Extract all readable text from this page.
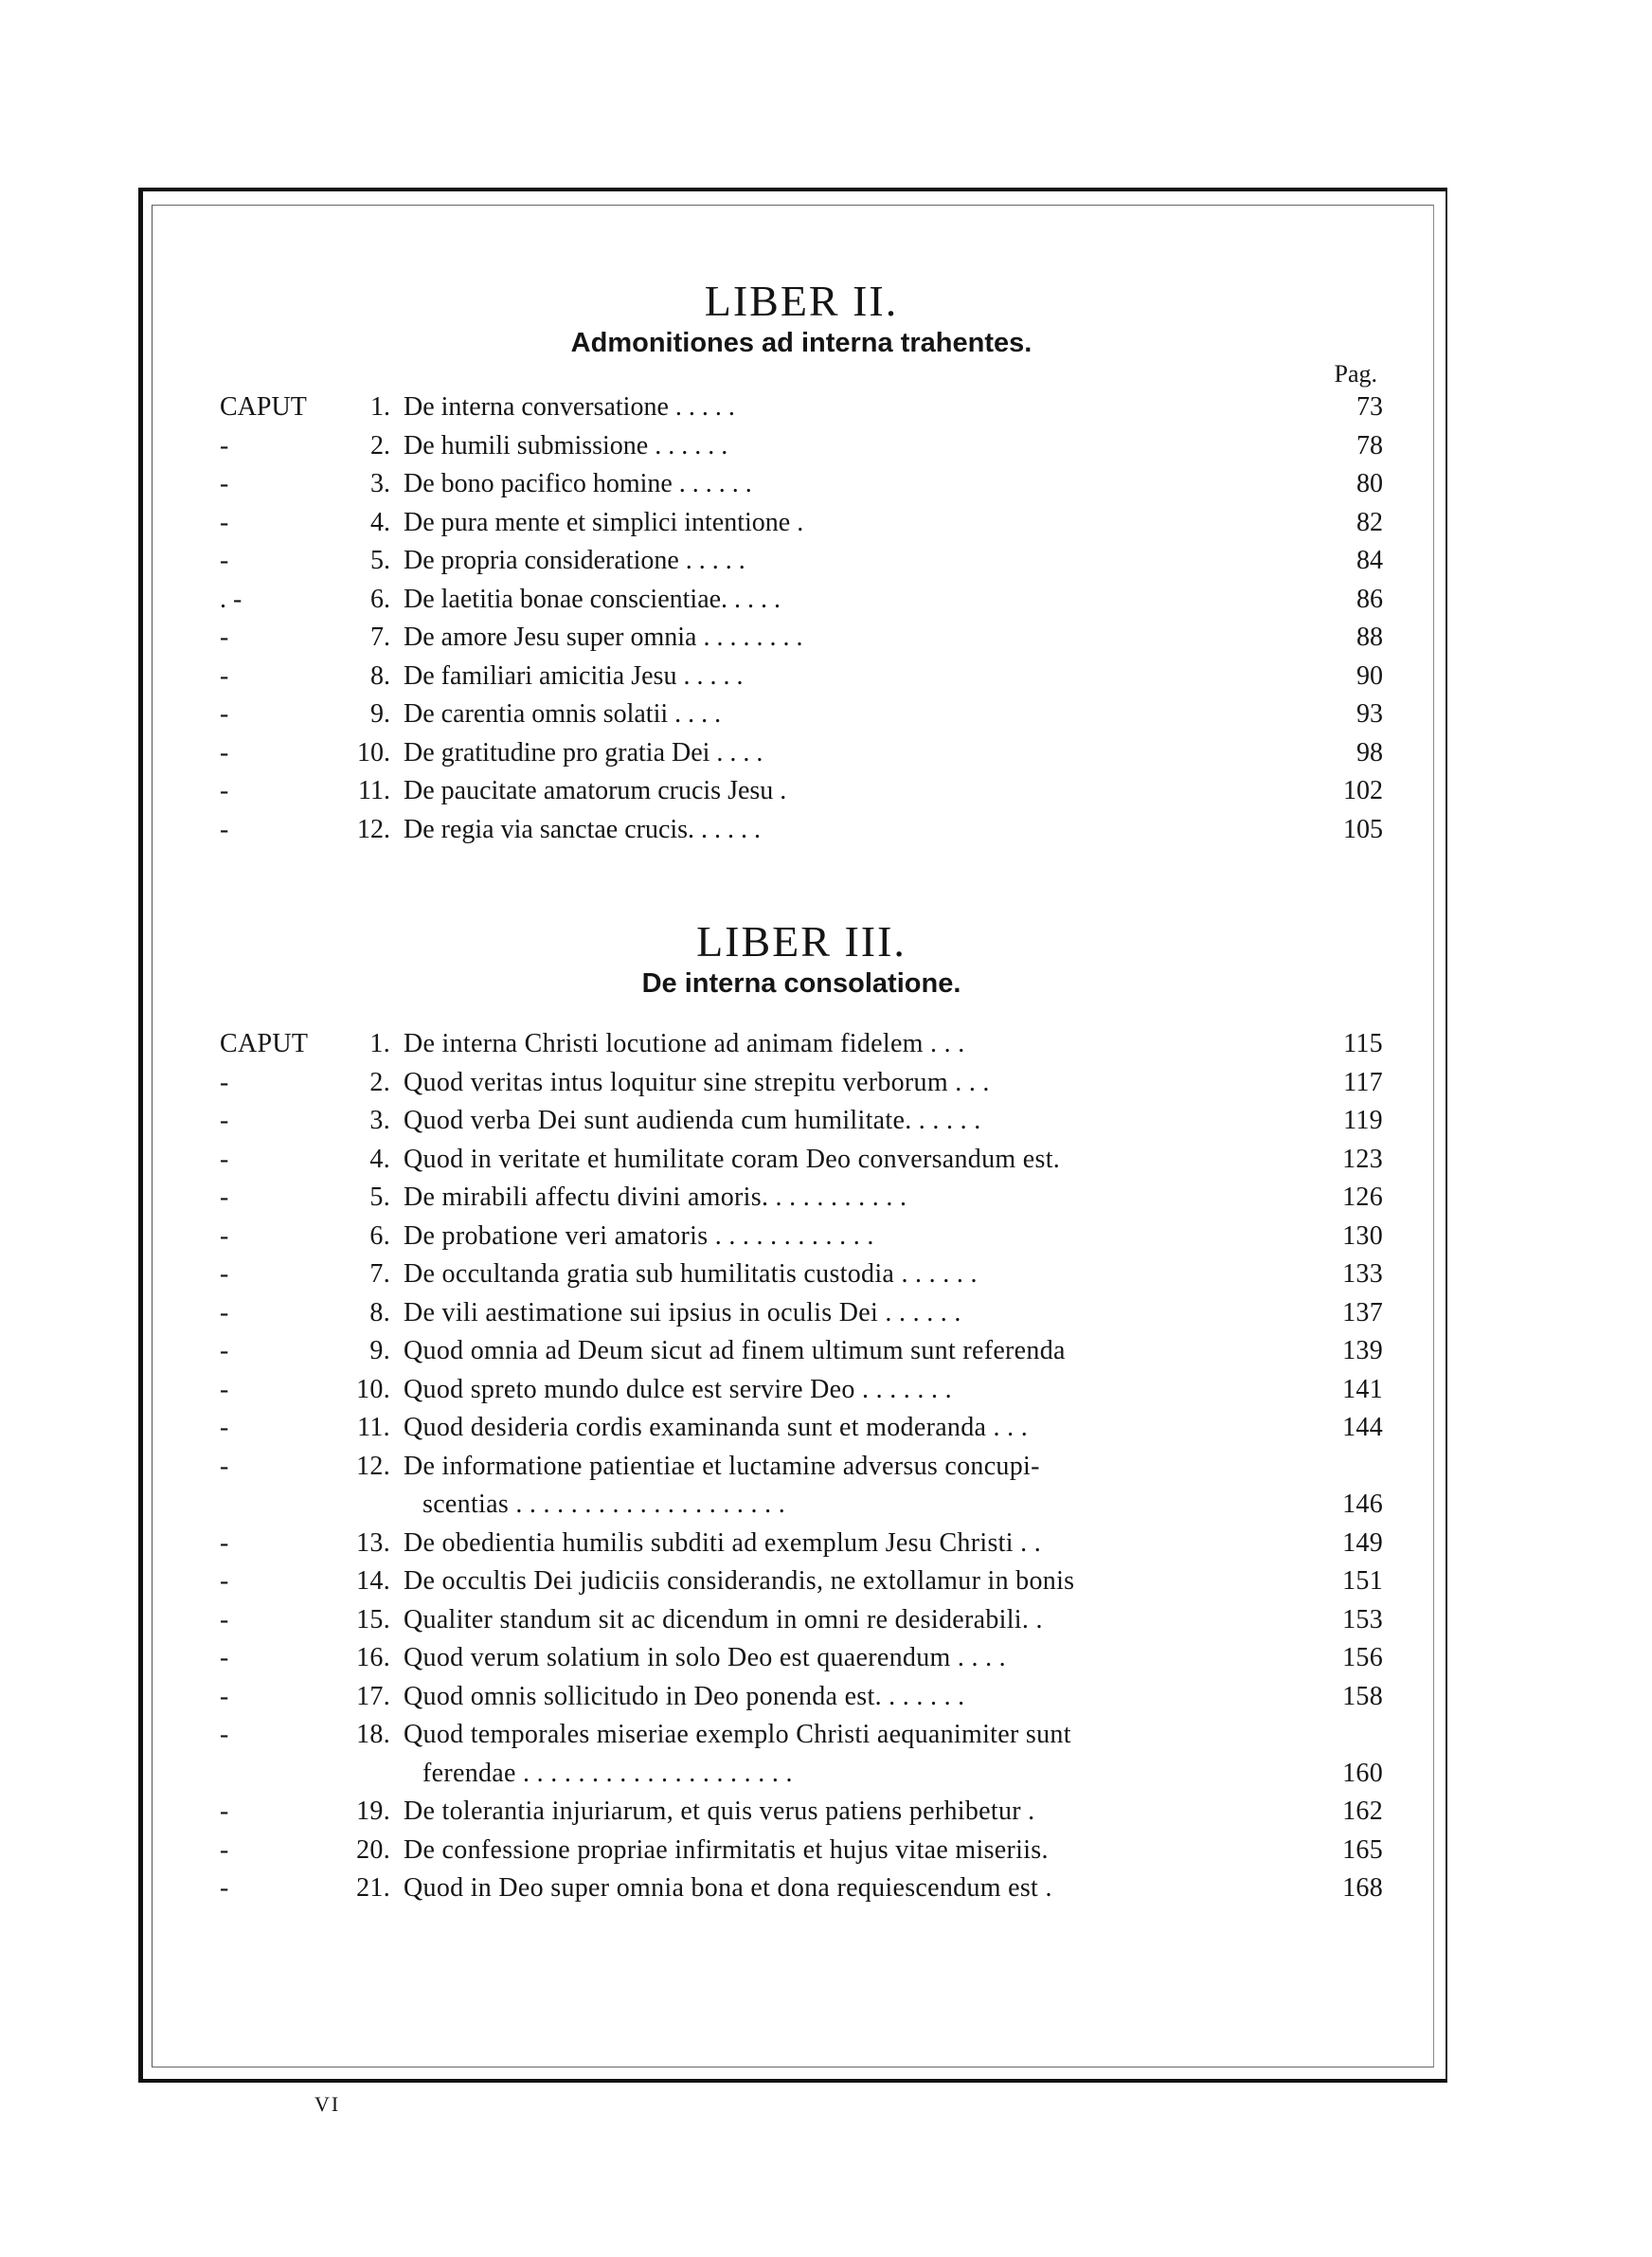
LIBER II.
Admonitiones ad interna trahentes.
Pag.
CAPUT	1. De interna conversatione . . . . .	73
-	2. De humili submissione . . . . . .	78
-	3. De bono pacifico homine . . . . . .	80
-	4. De pura mente et simplici intentione .	82
-	5. De propria consideratione . . . . .	84
. -	6. De laetitia bonae conscientiae. . . . .	86
-	7. De amore Jesu super omnia . . . . . . . .	88
-	8. De familiari amicitia Jesu . . . . .	90
-	9. De carentia omnis solatii . . . .	93
-	10. De gratitudine pro gratia Dei . . . .	98
-	11. De paucitate amatorum crucis Jesu .	102
-	12. De regia via sanctae crucis. . . . . .	105
LIBER III.
De interna consolatione.
CAPUT	1. De interna Christi locutione ad animam fidelem . . .	115
-	2. Quod veritas intus loquitur sine strepitu verborum . . .	117
-	3. Quod verba Dei sunt audienda cum humilitate. . . . . .	119
-	4. Quod in veritate et humilitate coram Deo conversandum est.	123
-	5. De mirabili affectu divini amoris. . . . . . . . . . .	126
-	6. De probatione veri amatoris . . . . . . . . . . . .	130
-	7. De occultanda gratia sub humilitatis custodia . . . . . .	133
-	8. De vili aestimatione sui ipsius in oculis Dei . . . . . .	137
-	9. Quod omnia ad Deum sicut ad finem ultimum sunt referenda	139
-	10. Quod spreto mundo dulce est servire Deo . . . . . . .	141
-	11. Quod desideria cordis examinanda sunt et moderanda . . .	144
-	12. De informatione patientiae et luctamine adversus concupi-
scentias . . . . . . . . . . . . . . . . . . . .	146
-	13. De obedientia humilis subditi ad exemplum Jesu Christi . .	149
-	14. De occultis Dei judiciis considerandis, ne extollamur in bonis	151
-	15. Qualiter standum sit ac dicendum in omni re desiderabili. .	153
-	16. Quod verum solatium in solo Deo est quaerendum . . . .	156
-	17. Quod omnis sollicitudo in Deo ponenda est. . . . . . .	158
-	18. Quod temporales miseriae exemplo Christi aequanimiter sunt
ferendae . . . . . . . . . . . . . . . . . . . .	160
-	19. De tolerantia injuriarum, et quis verus patiens perhibetur .	162
-	20. De confessione propriae infirmitatis et hujus vitae miseriis.	165
-	21. Quod in Deo super omnia bona et dona requiescendum est .	168
VI
